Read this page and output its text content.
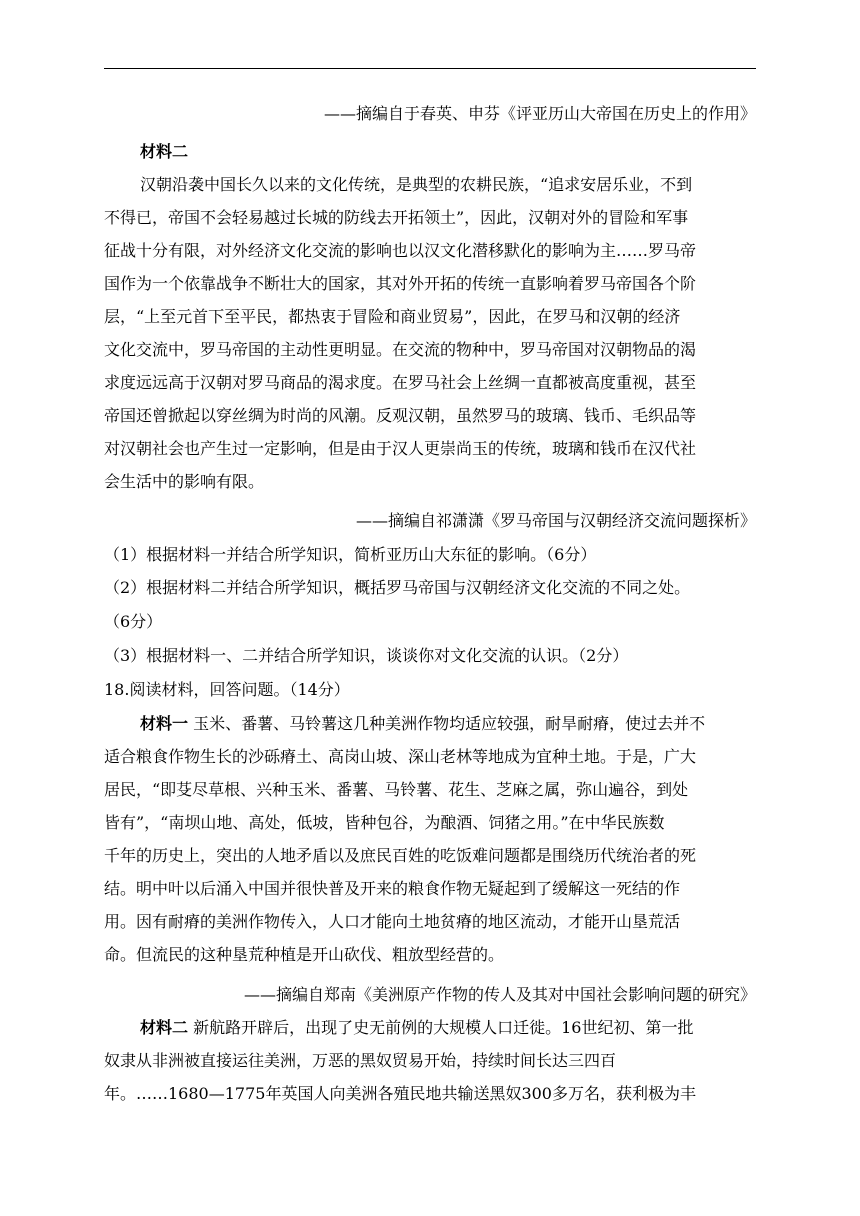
——摘编自于春英、申芬《评亚历山大帝国在历史上的作用》
材料二
汉朝沿袭中国长久以来的文化传统，是典型的农耕民族，“追求安居乐业，不到
不得已，帝国不会轻易越过长城的防线去开拓领土”，因此，汉朝对外的冒险和军事
征战十分有限，对外经济文化交流的影响也以汉文化潜移默化的影响为主……罗马帝
国作为一个依靠战争不断壮大的国家，其对外开拓的传统一直影响着罗马帝国各个阶
层，“上至元首下至平民，都热衷于冒险和商业贸易”，因此，在罗马和汉朝的经济
文化交流中，罗马帝国的主动性更明显。在交流的物种中，罗马帝国对汉朝物品的渴
求度远远高于汉朝对罗马商品的渴求度。在罗马社会上丝绸一直都被高度重视，甚至
帝国还曾掀起以穿丝绸为时尚的风潮。反观汉朝，虽然罗马的玻璃、钱币、毛织品等
对汉朝社会也产生过一定影响，但是由于汉人更崇尚玉的传统，玻璃和钱币在汉代社
会生活中的影响有限。
——摘编自祁潇潇《罗马帝国与汉朝经济交流问题探析》
（1）根据材料一并结合所学知识，简析亚历山大东征的影响。（6分）
（2）根据材料二并结合所学知识，概括罗马帝国与汉朝经济文化交流的不同之处。
（6分）
（3）根据材料一、二并结合所学知识，谈谈你对文化交流的认识。（2分）
18.阅读材料，回答问题。（14分）
材料一 玉米、番薯、马铃薯这几种美洲作物均适应较强，耐旱耐瘠，使过去并不
适合粮食作物生长的沙砾瘠土、高岗山坡、深山老林等地成为宜种土地。于是，广大
居民，“即芟尽草根、兴种玉米、番薯、马铃薯、花生、芝麻之属，弥山遍谷，到处
皆有”，“南坝山地、高处，低坡，皆种包谷，为酿酒、饲猪之用。”在中华民族数
千年的历史上，突出的人地矛盾以及庶民百姓的吃饭难问题都是围绕历代统治者的死
结。明中叶以后涌入中国并很快普及开来的粮食作物无疑起到了缓解这一死结的作
用。因有耐瘠的美洲作物传入，人口才能向土地贫瘠的地区流动，才能开山垦荒活
命。但流民的这种垦荒种植是开山砍伐、粗放型经营的。
——摘编自郑南《美洲原产作物的传人及其对中国社会影响问题的研究》
材料二 新航路开辟后，出现了史无前例的大规模人口迁徙。16世纪初、第一批
奴隶从非洲被直接运往美洲，万恶的黑奴贸易开始，持续时间长达三四百
年。……1680—1775年英国人向美洲各殖民地共输送黑奴300多万名，获利极为丰
